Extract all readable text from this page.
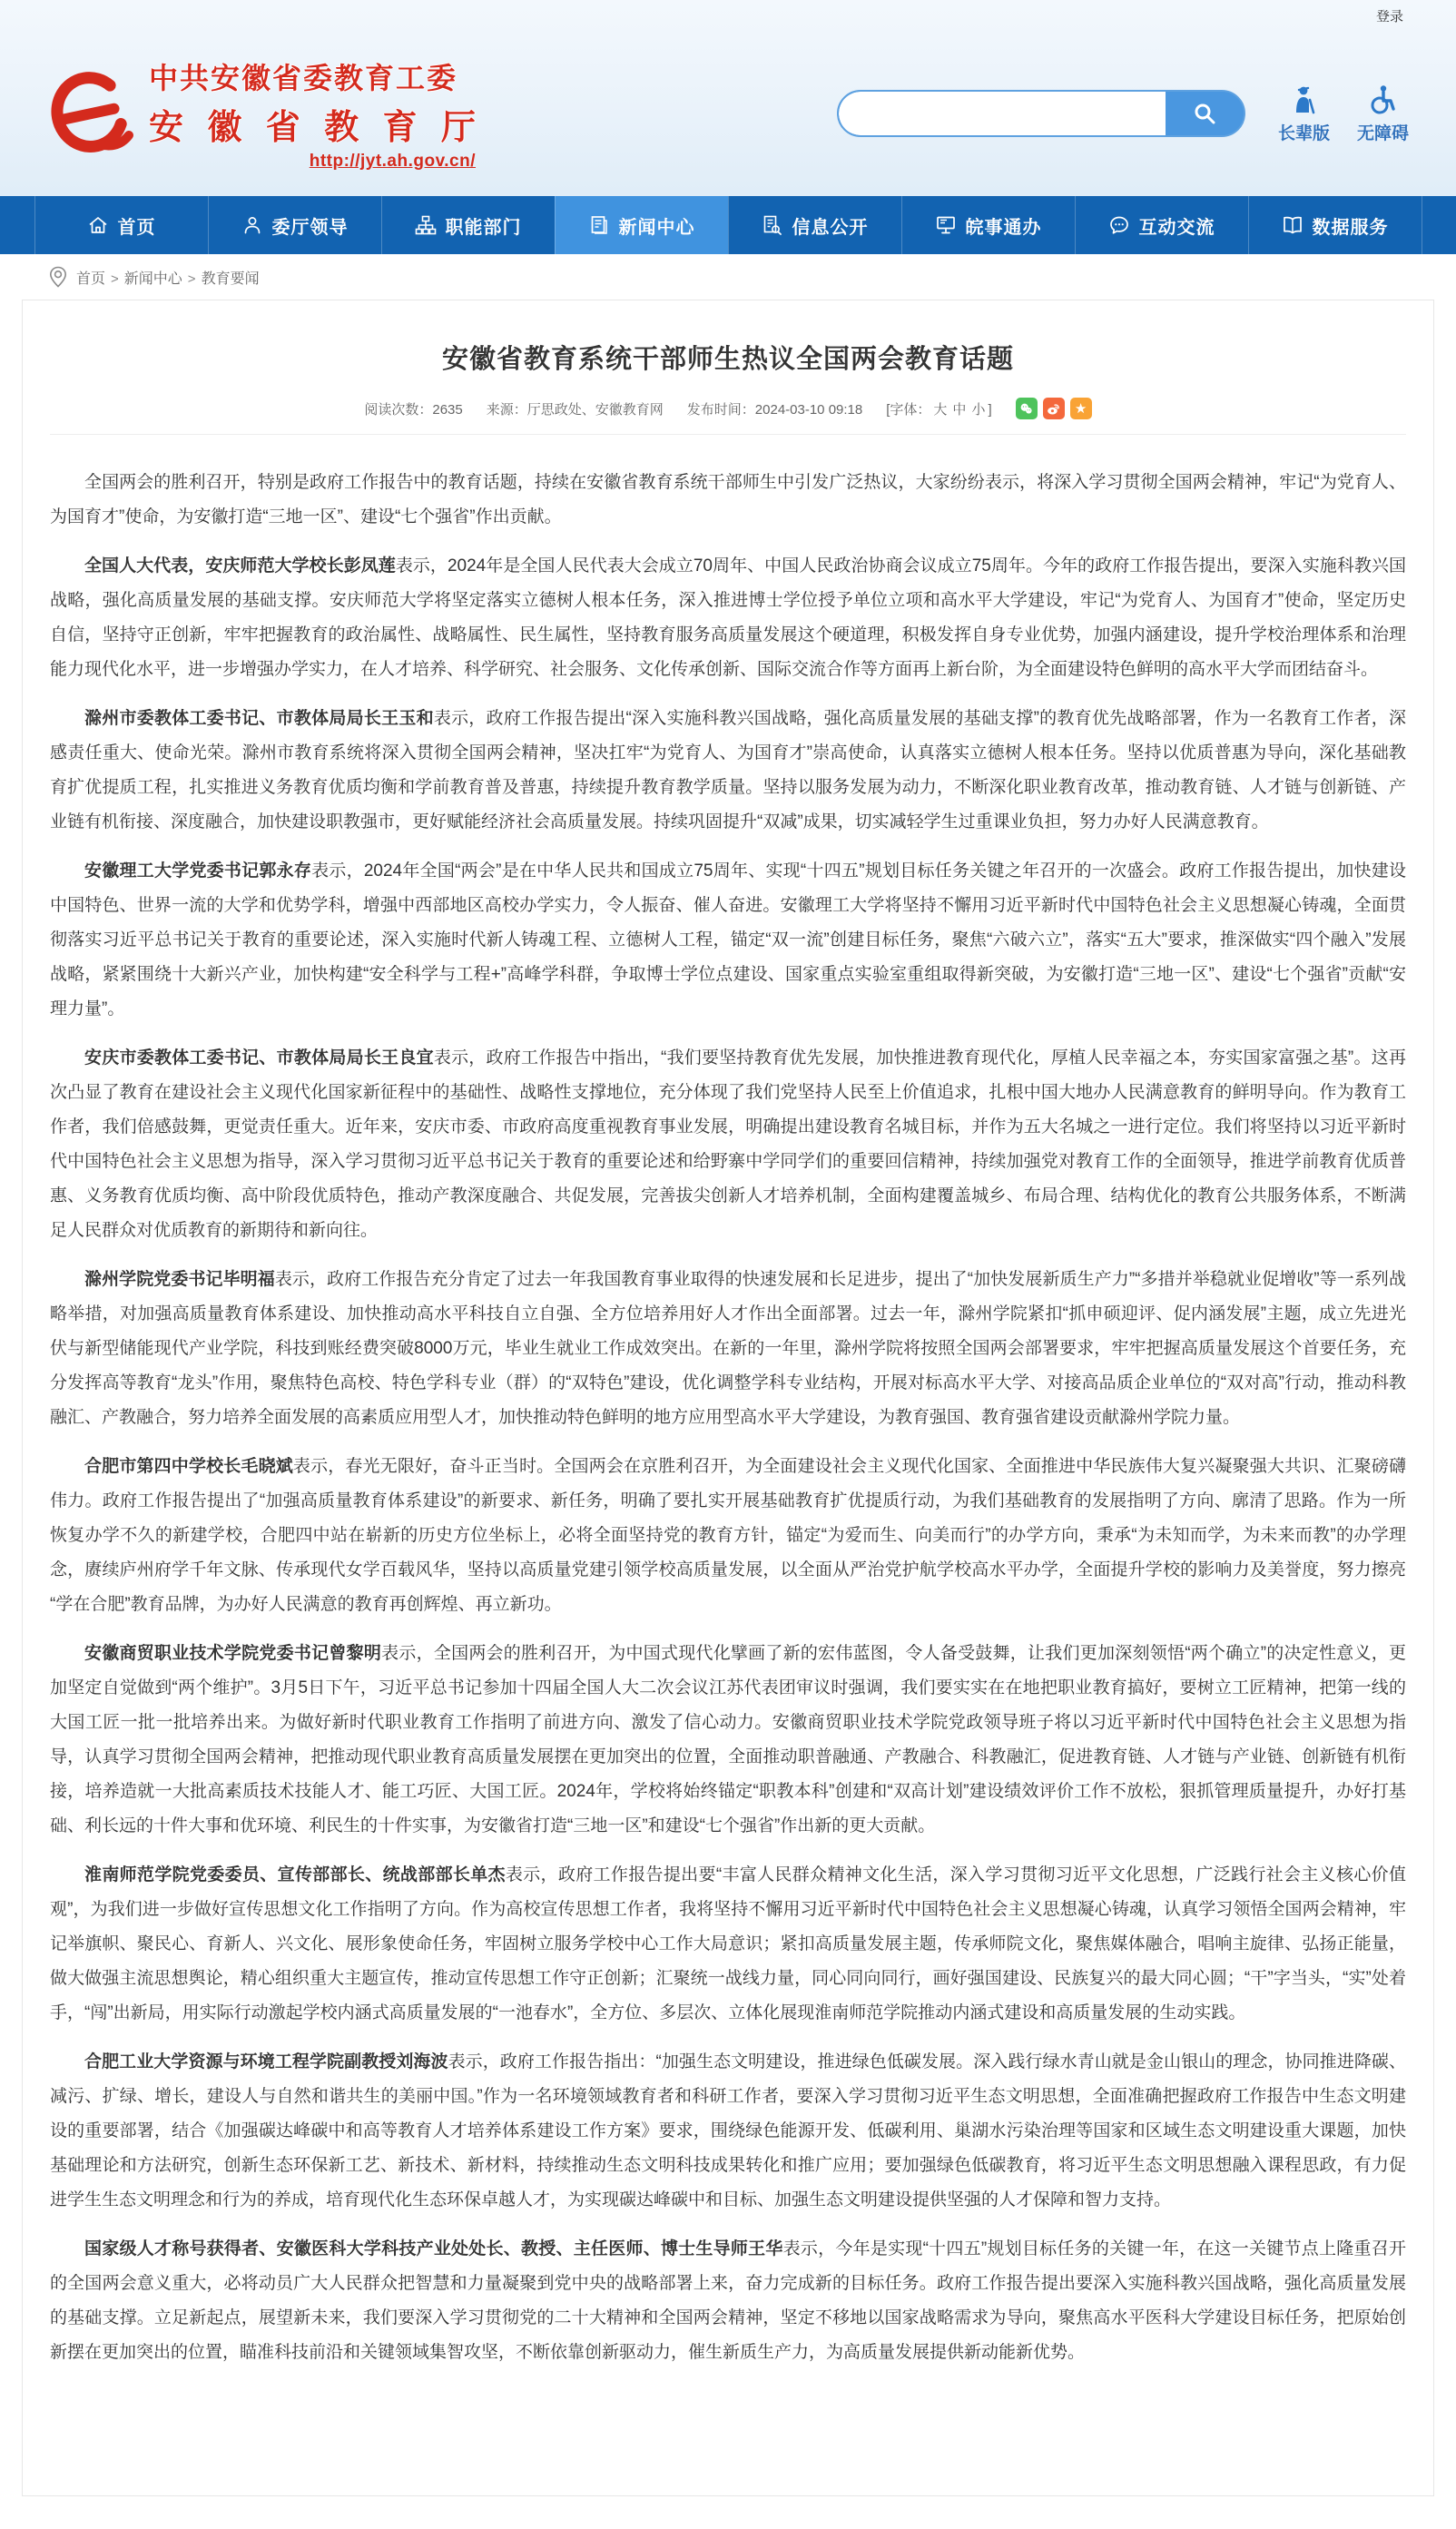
登录
中共安徽省委教育工委
安徽省教育厅
http://jyt.ah.gov.cn/
长辈版 无障碍
首页	委厅领导	职能部门	新闻中心	信息公开	皖事通办	互动交流	数据服务
首页 > 新闻中心 > 教育要闻
安徽省教育系统干部师生热议全国两会教育话题
阅读次数：2635 来源：厅思政处、安徽教育网 发布时间：2024-03-10 09:18 [字体： 大 中 小 ]	★

全国两会的胜利召开，特别是政府工作报告中的教育话题，持续在安徽省教育系统干部师生中引发广泛热议，大家纷纷表示，将深入学习贯彻全国两会精神，牢记“为党育人、为国育才”使命，为安徽打造“三地一区”、建设“七个强省”作出贡献。

全国人大代表，安庆师范大学校长彭凤莲表示，2024年是全国人民代表大会成立70周年、中国人民政治协商会议成立75周年。今年的政府工作报告提出，要深入实施科教兴国战略，强化高质量发展的基础支撑。安庆师范大学将坚定落实立德树人根本任务，深入推进博士学位授予单位立项和高水平大学建设，牢记“为党育人、为国育才”使命，坚定历史自信，坚持守正创新，牢牢把握教育的政治属性、战略属性、民生属性，坚持教育服务高质量发展这个硬道理，积极发挥自身专业优势，加强内涵建设，提升学校治理体系和治理能力现代化水平，进一步增强办学实力，在人才培养、科学研究、社会服务、文化传承创新、国际交流合作等方面再上新台阶，为全面建设特色鲜明的高水平大学而团结奋斗。

滁州市委教体工委书记、市教体局局长王玉和表示，政府工作报告提出“深入实施科教兴国战略，强化高质量发展的基础支撑”的教育优先战略部署，作为一名教育工作者，深感责任重大、使命光荣。滁州市教育系统将深入贯彻全国两会精神，坚决扛牢“为党育人、为国育才”崇高使命，认真落实立德树人根本任务。坚持以优质普惠为导向，深化基础教育扩优提质工程，扎实推进义务教育优质均衡和学前教育普及普惠，持续提升教育教学质量。坚持以服务发展为动力，不断深化职业教育改革，推动教育链、人才链与创新链、产业链有机衔接、深度融合，加快建设职教强市，更好赋能经济社会高质量发展。持续巩固提升“双减”成果，切实减轻学生过重课业负担，努力办好人民满意教育。

安徽理工大学党委书记郭永存表示，2024年全国“两会”是在中华人民共和国成立75周年、实现“十四五”规划目标任务关键之年召开的一次盛会。政府工作报告提出，加快建设中国特色、世界一流的大学和优势学科，增强中西部地区高校办学实力，令人振奋、催人奋进。安徽理工大学将坚持不懈用习近平新时代中国特色社会主义思想凝心铸魂，全面贯彻落实习近平总书记关于教育的重要论述，深入实施时代新人铸魂工程、立德树人工程，锚定“双一流”创建目标任务，聚焦“六破六立”，落实“五大”要求，推深做实“四个融入”发展战略，紧紧围绕十大新兴产业，加快构建“安全科学与工程+”高峰学科群，争取博士学位点建设、国家重点实验室重组取得新突破，为安徽打造“三地一区”、建设“七个强省”贡献“安理力量”。

安庆市委教体工委书记、市教体局局长王良宜表示，政府工作报告中指出，“我们要坚持教育优先发展，加快推进教育现代化，厚植人民幸福之本，夯实国家富强之基”。这再次凸显了教育在建设社会主义现代化国家新征程中的基础性、战略性支撑地位，充分体现了我们党坚持人民至上价值追求，扎根中国大地办人民满意教育的鲜明导向。作为教育工作者，我们倍感鼓舞，更觉责任重大。近年来，安庆市委、市政府高度重视教育事业发展，明确提出建设教育名城目标，并作为五大名城之一进行定位。我们将坚持以习近平新时代中国特色社会主义思想为指导，深入学习贯彻习近平总书记关于教育的重要论述和给野寨中学同学们的重要回信精神，持续加强党对教育工作的全面领导，推进学前教育优质普惠、义务教育优质均衡、高中阶段优质特色，推动产教深度融合、共促发展，完善拔尖创新人才培养机制，全面构建覆盖城乡、布局合理、结构优化的教育公共服务体系，不断满足人民群众对优质教育的新期待和新向往。

滁州学院党委书记毕明福表示，政府工作报告充分肯定了过去一年我国教育事业取得的快速发展和长足进步，提出了“加快发展新质生产力”“多措并举稳就业促增收”等一系列战略举措，对加强高质量教育体系建设、加快推动高水平科技自立自强、全方位培养用好人才作出全面部署。过去一年，滁州学院紧扣“抓申硕迎评、促内涵发展”主题，成立先进光伏与新型储能现代产业学院，科技到账经费突破8000万元，毕业生就业工作成效突出。在新的一年里，滁州学院将按照全国两会部署要求，牢牢把握高质量发展这个首要任务，充分发挥高等教育“龙头”作用，聚焦特色高校、特色学科专业（群）的“双特色”建设，优化调整学科专业结构，开展对标高水平大学、对接高品质企业单位的“双对高”行动，推动科教融汇、产教融合，努力培养全面发展的高素质应用型人才，加快推动特色鲜明的地方应用型高水平大学建设，为教育强国、教育强省建设贡献滁州学院力量。

合肥市第四中学校长毛晓斌表示，春光无限好，奋斗正当时。全国两会在京胜利召开，为全面建设社会主义现代化国家、全面推进中华民族伟大复兴凝聚强大共识、汇聚磅礴伟力。政府工作报告提出了“加强高质量教育体系建设”的新要求、新任务，明确了要扎实开展基础教育扩优提质行动，为我们基础教育的发展指明了方向、廓清了思路。作为一所恢复办学不久的新建学校，合肥四中站在崭新的历史方位坐标上，必将全面坚持党的教育方针，锚定“为爱而生、向美而行”的办学方向，秉承“为未知而学，为未来而教”的办学理念，赓续庐州府学千年文脉、传承现代女学百载风华，坚持以高质量党建引领学校高质量发展，以全面从严治党护航学校高水平办学，全面提升学校的影响力及美誉度，努力擦亮“学在合肥”教育品牌，为办好人民满意的教育再创辉煌、再立新功。

安徽商贸职业技术学院党委书记曾黎明表示，全国两会的胜利召开，为中国式现代化擘画了新的宏伟蓝图，令人备受鼓舞，让我们更加深刻领悟“两个确立”的决定性意义，更加坚定自觉做到“两个维护”。3月5日下午，习近平总书记参加十四届全国人大二次会议江苏代表团审议时强调，我们要实实在在地把职业教育搞好，要树立工匠精神，把第一线的大国工匠一批一批培养出来。为做好新时代职业教育工作指明了前进方向、激发了信心动力。安徽商贸职业技术学院党政领导班子将以习近平新时代中国特色社会主义思想为指导，认真学习贯彻全国两会精神，把推动现代职业教育高质量发展摆在更加突出的位置，全面推动职普融通、产教融合、科教融汇，促进教育链、人才链与产业链、创新链有机衔接，培养造就一大批高素质技术技能人才、能工巧匠、大国工匠。2024年，学校将始终锚定“职教本科”创建和“双高计划”建设绩效评价工作不放松，狠抓管理质量提升，办好打基础、利长远的十件大事和优环境、利民生的十件实事，为安徽省打造“三地一区”和建设“七个强省”作出新的更大贡献。

淮南师范学院党委委员、宣传部部长、统战部部长单杰表示，政府工作报告提出要“丰富人民群众精神文化生活，深入学习贯彻习近平文化思想，广泛践行社会主义核心价值观”，为我们进一步做好宣传思想文化工作指明了方向。作为高校宣传思想工作者，我将坚持不懈用习近平新时代中国特色社会主义思想凝心铸魂，认真学习领悟全国两会精神，牢记举旗帜、聚民心、育新人、兴文化、展形象使命任务，牢固树立服务学校中心工作大局意识；紧扣高质量发展主题，传承师院文化，聚焦媒体融合，唱响主旋律、弘扬正能量，做大做强主流思想舆论，精心组织重大主题宣传，推动宣传思想工作守正创新；汇聚统一战线力量，同心同向同行，画好强国建设、民族复兴的最大同心圆；“干”字当头，“实”处着手，“闯”出新局，用实际行动激起学校内涵式高质量发展的“一池春水”，全方位、多层次、立体化展现淮南师范学院推动内涵式建设和高质量发展的生动实践。

合肥工业大学资源与环境工程学院副教授刘海波表示，政府工作报告指出：“加强生态文明建设，推进绿色低碳发展。深入践行绿水青山就是金山银山的理念，协同推进降碳、减污、扩绿、增长，建设人与自然和谐共生的美丽中国。”作为一名环境领域教育者和科研工作者，要深入学习贯彻习近平生态文明思想，全面准确把握政府工作报告中生态文明建设的重要部署，结合《加强碳达峰碳中和高等教育人才培养体系建设工作方案》要求，围绕绿色能源开发、低碳利用、巢湖水污染治理等国家和区域生态文明建设重大课题，加快基础理论和方法研究，创新生态环保新工艺、新技术、新材料，持续推动生态文明科技成果转化和推广应用；要加强绿色低碳教育，将习近平生态文明思想融入课程思政，有力促进学生生态文明理念和行为的养成，培育现代化生态环保卓越人才，为实现碳达峰碳中和目标、加强生态文明建设提供坚强的人才保障和智力支持。

国家级人才称号获得者、安徽医科大学科技产业处处长、教授、主任医师、博士生导师王华表示，今年是实现“十四五”规划目标任务的关键一年，在这一关键节点上隆重召开的全国两会意义重大，必将动员广大人民群众把智慧和力量凝聚到党中央的战略部署上来，奋力完成新的目标任务。政府工作报告提出要深入实施科教兴国战略，强化高质量发展的基础支撑。立足新起点，展望新未来，我们要深入学习贯彻党的二十大精神和全国两会精神，坚定不移地以国家战略需求为导向，聚焦高水平医科大学建设目标任务，把原始创新摆在更加突出的位置，瞄准科技前沿和关键领域集智攻坚，不断依靠创新驱动力，催生新质生产力，为高质量发展提供新动能新优势。
